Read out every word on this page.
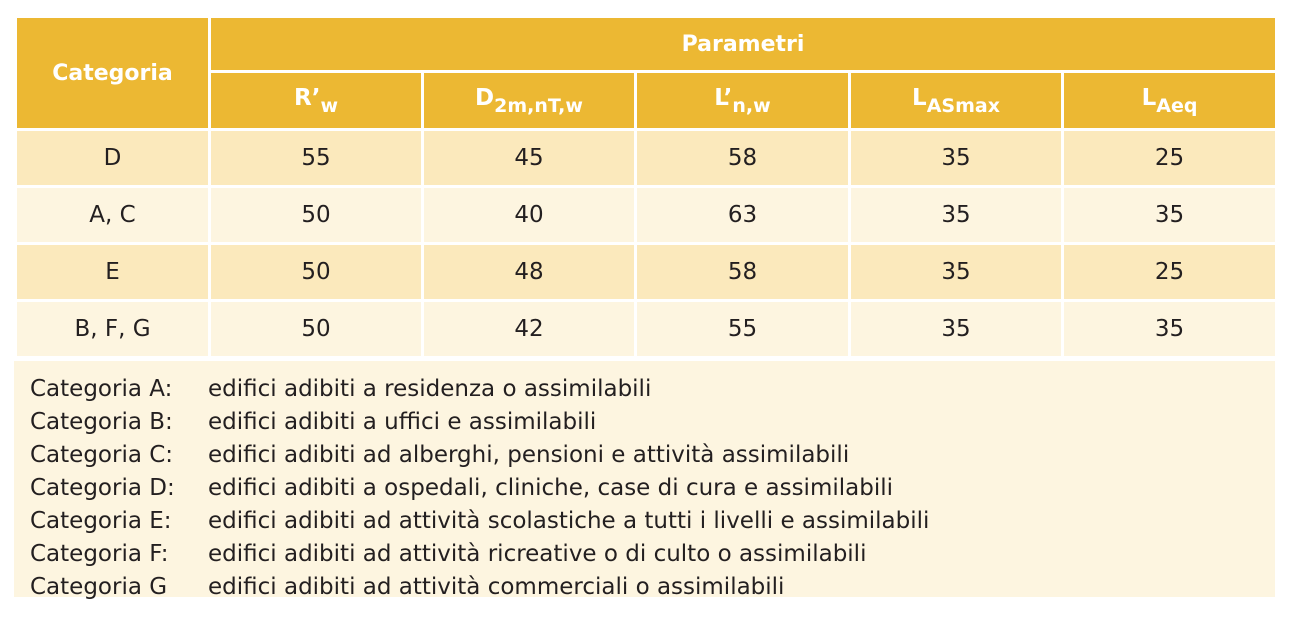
Categoria	Parametri				
	$R’_w$	$D_{2m,nT,w}$	$L’_{n,w}$	$L_{ASmax}$	$L_{Aeq}$
D	55	45	58	35	25
A, C	50	40	63	35	35
E	50	48	58	35	25
B, F, G	50	42	55	35	35
Categoria A:	edifici adibiti a residenza o assimilabili
Categoria B:	edifici adibiti a uffici e assimilabili
Categoria C:	edifici adibiti ad alberghi, pensioni e attività assimilabili
Categoria D:	edifici adibiti a ospedali, cliniche, case di cura e assimilabili
Categoria E:	edifici adibiti ad attività scolastiche a tutti i livelli e assimilabili
Categoria F:	edifici adibiti ad attività ricreative o di culto o assimilabili
Categoria G	edifici adibiti ad attività commerciali o assimilabili
